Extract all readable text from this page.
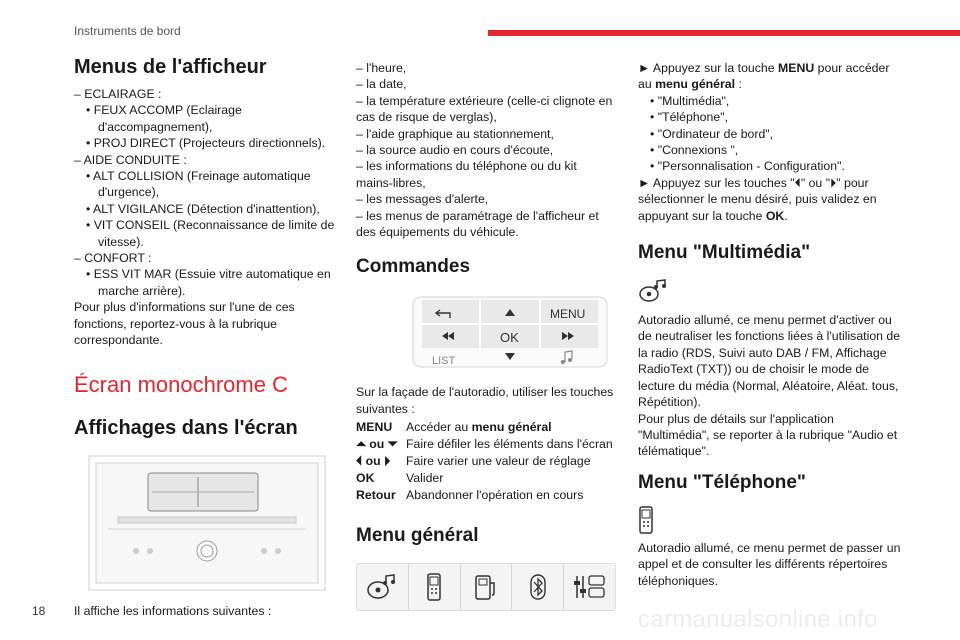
Instruments de bord
Menus de l'afficheur
– ECLAIRAGE :
• FEUX ACCOMP (Eclairage
d'accompagnement),
• PROJ DIRECT (Projecteurs directionnels).
– AIDE CONDUITE :
• ALT COLLISION (Freinage automatique
d'urgence),
• ALT VIGILANCE (Détection d'inattention),
• VIT CONSEIL (Reconnaissance de limite de
vitesse).
– CONFORT :
• ESS VIT MAR (Essuie vitre automatique en
marche arrière).
Pour plus d'informations sur l'une de ces
fonctions, reportez-vous à la rubrique
correspondante.
Écran monochrome C
Affichages dans l'écran
Il affiche les informations suivantes :
– l'heure,
– la date,
– la température extérieure (celle-ci clignote en
cas de risque de verglas),
– l'aide graphique au stationnement,
– la source audio en cours d'écoute,
– les informations du téléphone ou du kit
mains-libres,
– les messages d'alerte,
– les menus de paramétrage de l'afficheur et
des équipements du véhicule.
Commandes
MENU
OK
LIST
Sur la façade de l'autoradio, utiliser les touches
suivantes :
MENU	Accéder au menu général
⏶ ou ⏷ Faire défiler les éléments dans l'écran
⏴ ou ⏵	Faire varier une valeur de réglage
OK	Valider
Retour Abandonner l'opération en cours
Menu général
► Appuyez sur la touche MENU pour accéder
au menu général :
• "Multimédia",
• "Téléphone",
• "Ordinateur de bord",
• "Connexions ",
• "Personnalisation - Configuration".
► Appuyez sur les touches "⏴" ou "⏵" pour
sélectionner le menu désiré, puis validez en
appuyant sur la touche OK.
Menu "Multimédia"
Autoradio allumé, ce menu permet d'activer ou
de neutraliser les fonctions liées à l'utilisation de
la radio (RDS, Suivi auto DAB / FM, Affichage
RadioText (TXT)) ou de choisir le mode de
lecture du média (Normal, Aléatoire, Aléat. tous,
Répétition).
Pour plus de détails sur l'application
"Multimédia", se reporter à la rubrique "Audio et
télématique".
Menu "Téléphone"
Autoradio allumé, ce menu permet de passer un
appel et de consulter les différents répertoires
téléphoniques.
18	carmanualsonline.info
